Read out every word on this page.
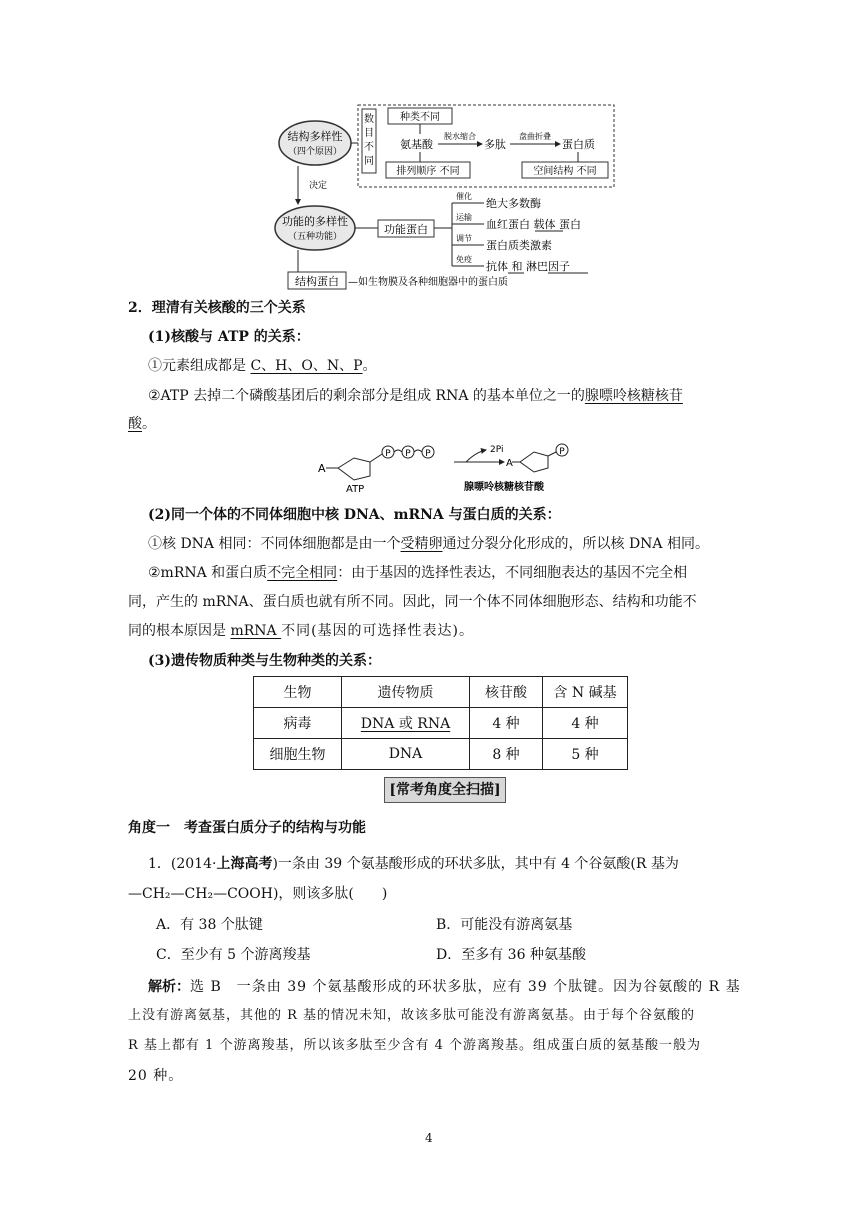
结构多样性
（四个原因）
数
目
不
同
种类不同
氨基酸
脱水缩合
多肽
盘曲折叠
蛋白质
排列顺序 不同	空间结构 不同
决定
功能的多样性
（五种功能）
功能蛋白
催化
绝大多数酶
运输
血红蛋白 载体 蛋白
调节
蛋白质类激素
免疫
抗体 和 淋巴因子
结构蛋白 —如生物膜及各种细胞器中的蛋白质
2．理清有关核酸的三个关系
(1)核酸与 ATP 的关系：
①元素组成都是 C、H、O、N、P。
②ATP 去掉二个磷酸基团后的剩余部分是组成 RNA 的基本单位之一的腺嘌呤核糖核苷
酸。
A
P P P
ATP
2Pi
A
P
腺嘌呤核糖核苷酸
(2)同一个体的不同体细胞中核 DNA、mRNA 与蛋白质的关系：
①核 DNA 相同：不同体细胞都是由一个受精卵通过分裂分化形成的，所以核 DNA 相同。
②mRNA 和蛋白质不完全相同：由于基因的选择性表达，不同细胞表达的基因不完全相
同，产生的 mRNA、蛋白质也就有所不同。因此，同一个体不同体细胞形态、结构和功能不
同的根本原因是 mRNA 不同(基因的可选择性表达)。
(3)遗传物质种类与生物种类的关系：
生物	遗传物质	核苷酸	含 N 碱基
病毒	DNA 或 RNA	4 种	4 种
细胞生物	DNA	8 种	5 种
[常考角度全扫描]
角度一　考查蛋白质分子的结构与功能
1．(2014·上海高考)一条由 39 个氨基酸形成的环状多肽，其中有 4 个谷氨酸(R 基为
—CH₂—CH₂—COOH)，则该多肽(　　)
A．有 38 个肽键	B．可能没有游离氨基
C．至少有 5 个游离羧基	D．至多有 36 种氨基酸
解析：选 B　一条由 39 个氨基酸形成的环状多肽，应有 39 个肽键。因为谷氨酸的 R 基
上没有游离氨基，其他的 R 基的情况未知，故该多肽可能没有游离氨基。由于每个谷氨酸的
R 基上都有 1 个游离羧基，所以该多肽至少含有 4 个游离羧基。组成蛋白质的氨基酸一般为
20 种。
4
